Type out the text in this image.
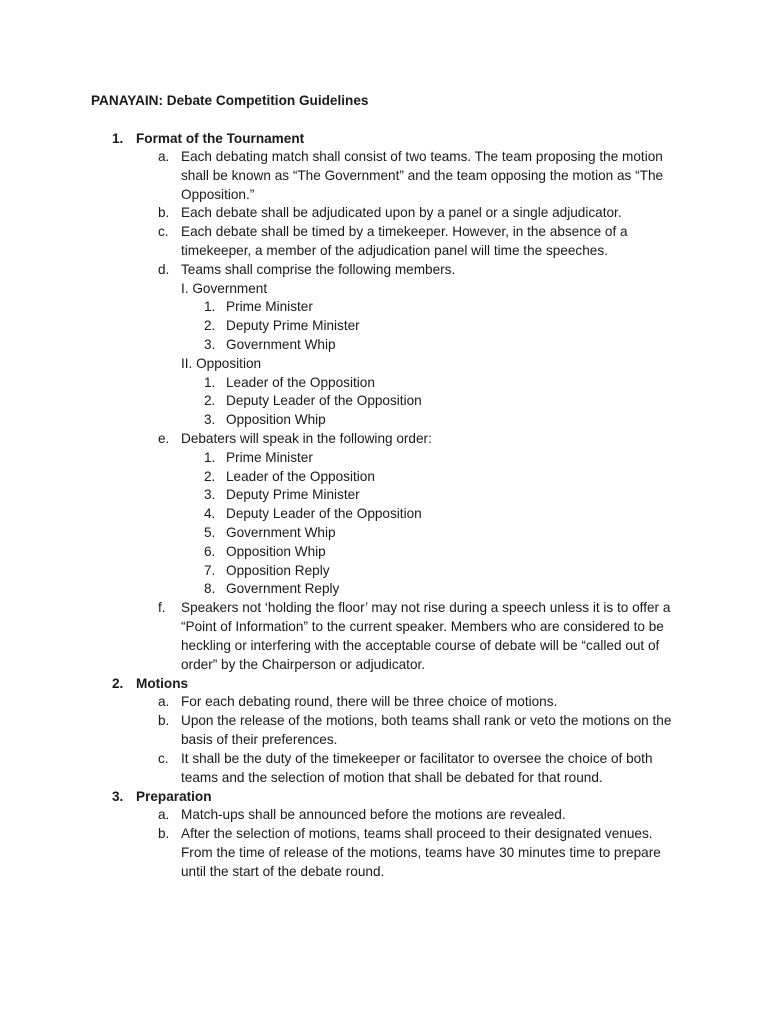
PANAYAIN: Debate Competition Guidelines
1. Format of the Tournament
a. Each debating match shall consist of two teams. The team proposing the motion shall be known as “The Government” and the team opposing the motion as “The Opposition.”
b. Each debate shall be adjudicated upon by a panel or a single adjudicator.
c. Each debate shall be timed by a timekeeper. However, in the absence of a timekeeper, a member of the adjudication panel will time the speeches.
d. Teams shall comprise the following members.
I. Government
1. Prime Minister
2. Deputy Prime Minister
3. Government Whip
II. Opposition
1. Leader of the Opposition
2. Deputy Leader of the Opposition
3. Opposition Whip
e. Debaters will speak in the following order:
1. Prime Minister
2. Leader of the Opposition
3. Deputy Prime Minister
4. Deputy Leader of the Opposition
5. Government Whip
6. Opposition Whip
7. Opposition Reply
8. Government Reply
f. Speakers not ‘holding the floor’ may not rise during a speech unless it is to offer a “Point of Information” to the current speaker. Members who are considered to be heckling or interfering with the acceptable course of debate will be “called out of order” by the Chairperson or adjudicator.
2. Motions
a. For each debating round, there will be three choice of motions.
b. Upon the release of the motions, both teams shall rank or veto the motions on the basis of their preferences.
c. It shall be the duty of the timekeeper or facilitator to oversee the choice of both teams and the selection of motion that shall be debated for that round.
3. Preparation
a. Match-ups shall be announced before the motions are revealed.
b. After the selection of motions, teams shall proceed to their designated venues. From the time of release of the motions, teams have 30 minutes time to prepare until the start of the debate round.
